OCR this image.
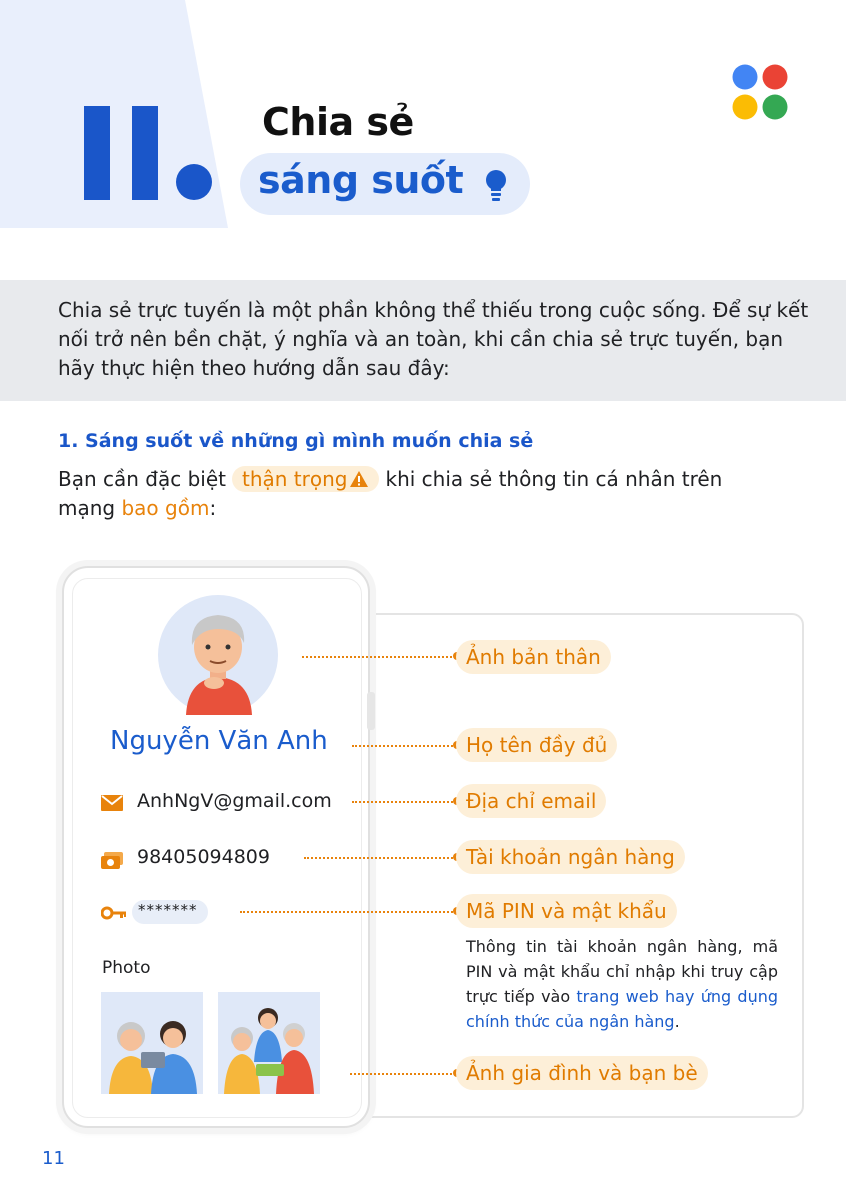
Chia sẻ
sáng suốt

Chia sẻ trực tuyến là một phần không thể thiếu trong cuộc sống. Để sự kết nối trở nên bền chặt, ý nghĩa và an toàn, khi cần chia sẻ trực tuyến, bạn hãy thực hiện theo hướng dẫn sau đây:

1. Sáng suốt về những gì mình muốn chia sẻ
Bạn cần đặc biệt thận trọng khi chia sẻ thông tin cá nhân trên
mạng bao gồm:
Nguyễn Văn Anh
AnhNgV@gmail.com
98405094809
*******
Photo
Ảnh bản thân
Họ tên đầy đủ
Địa chỉ email
Tài khoản ngân hàng
Mã PIN và mật khẩu
Thông tin tài khoản ngân hàng, mã PIN và mật khẩu chỉ nhập khi truy cập trực tiếp vào trang web hay ứng dụng chính thức của ngân hàng.
Ảnh gia đình và bạn bè
11
